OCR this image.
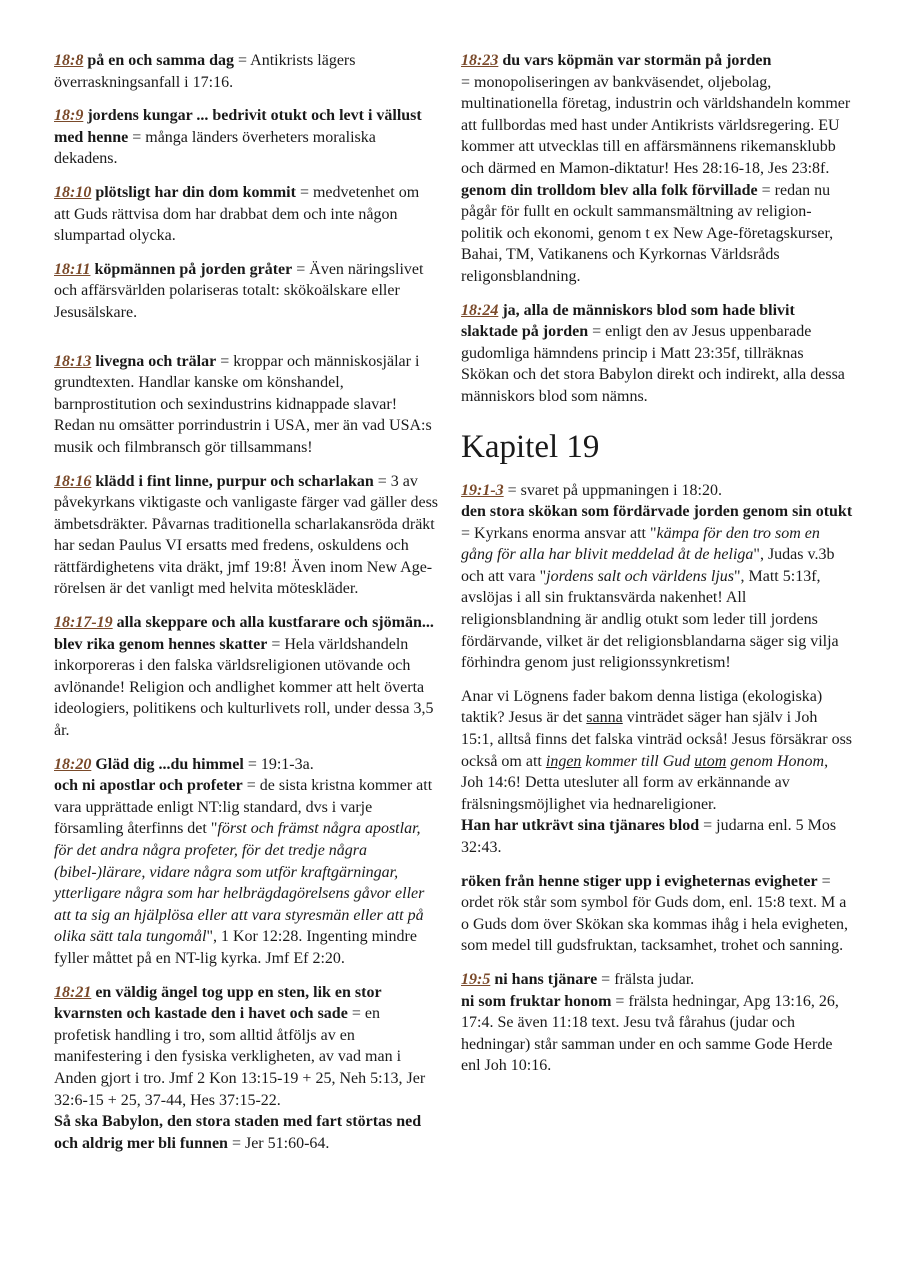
18:8 på en och samma dag = Antikrists lägers överraskningsanfall i 17:16.

18:9 jordens kungar ... bedrivit otukt och levt i vällust med henne = många länders överheters moraliska dekadens.

18:10 plötsligt har din dom kommit = medvetenhet om att Guds rättvisa dom har drabbat dem och inte någon slumpartad olycka.

18:11 köpmännen på jorden gråter = Även näringslivet och affärsvärlden polariseras totalt: skökoälskare eller Jesusälskare.

18:13 livegna och trälar = kroppar och människosjälar i grundtexten. Handlar kanske om könshandel, barnprostitution och sexindustrins kidnappade slavar! Redan nu omsätter porrindustrin i USA, mer än vad USA:s musik och filmbransch gör tillsammans!

18:16 klädd i fint linne, purpur och scharlakan = 3 av påvekyrkans viktigaste och vanligaste färger vad gäller dess ämbetsdräkter. Påvarnas traditionella scharlakansröda dräkt har sedan Paulus VI ersatts med fredens, oskuldens och rättfärdighetens vita dräkt, jmf 19:8! Även inom New Age-rörelsen är det vanligt med helvita möteskläder.

18:17-19 alla skeppare och alla kustfarare och sjömän... blev rika genom hennes skatter = Hela världshandeln inkorporeras i den falska världsreligionen utövande och avlönande! Religion och andlighet kommer att helt överta ideologiers, politikens och kulturlivets roll, under dessa 3,5 år.

18:20 Gläd dig ...du himmel = 19:1-3a.
och ni apostlar och profeter = de sista kristna kommer att vara upprättade enligt NT:lig standard, dvs i varje församling återfinns det "först och främst några apostlar, för det andra några profeter, för det tredje några (bibel-)lärare, vidare några som utför kraftgärningar, ytterligare några som har helbrägdagörelsens gåvor eller att ta sig an hjälplösa eller att vara styresmän eller att på olika sätt tala tungomål", 1 Kor 12:28. Ingenting mindre fyller måttet på en NT-lig kyrka. Jmf Ef 2:20.

18:21 en väldig ängel tog upp en sten, lik en stor kvarnsten och kastade den i havet och sade = en profetisk handling i tro, som alltid åtföljs av en manifestering i den fysiska verkligheten, av vad man i Anden gjort i tro. Jmf 2 Kon 13:15-19 + 25, Neh 5:13, Jer 32:6-15 + 25, 37-44, Hes 37:15-22.
Så ska Babylon, den stora staden med fart störtas ned och aldrig mer bli funnen = Jer 51:60-64.

18:23 du vars köpmän var stormän på jorden
= monopoliseringen av bankväsendet, oljebolag, multinationella företag, industrin och världshandeln kommer att fullbordas med hast under Antikrists världsregering. EU kommer att utvecklas till en affärsmännens rikemansklubb och därmed en Mamon-diktatur! Hes 28:16-18, Jes 23:8f.
genom din trolldom blev alla folk förvillade = redan nu pågår för fullt en ockult sammansmältning av religion-politik och ekonomi, genom t ex New Age-företagskurser, Bahai, TM, Vatikanens och Kyrkornas Världsråds religonsblandning.

18:24 ja, alla de människors blod som hade blivit slaktade på jorden = enligt den av Jesus uppenbarade gudomliga hämndens princip i Matt 23:35f, tillräknas Skökan och det stora Babylon direkt och indirekt, alla dessa människors blod som nämns.

Kapitel 19

19:1-3 = svaret på uppmaningen i 18:20.
den stora skökan som fördärvade jorden genom sin otukt = Kyrkans enorma ansvar att "kämpa för den tro som en gång för alla har blivit meddelad åt de heliga", Judas v.3b och att vara "jordens salt och världens ljus", Matt 5:13f, avslöjas i all sin fruktansvärda nakenhet! All religionsblandning är andlig otukt som leder till jordens fördärvande, vilket är det religionsblandarna säger sig vilja förhindra genom just religionssynkretism!

Anar vi Lögnens fader bakom denna listiga (ekologiska) taktik? Jesus är det sanna vinträdet säger han själv i Joh 15:1, alltså finns det falska vinträd också! Jesus försäkrar oss också om att ingen kommer till Gud utom genom Honom, Joh 14:6! Detta utesluter all form av erkännande av frälsningsmöjlighet via hednareligioner.
Han har utkrävt sina tjänares blod = judarna enl. 5 Mos 32:43.

röken från henne stiger upp i evigheternas evigheter = ordet rök står som symbol för Guds dom, enl. 15:8 text. M a o Guds dom över Skökan ska kommas ihåg i hela evigheten, som medel till gudsfruktan, tacksamhet, trohet och sanning.

19:5 ni hans tjänare = frälsta judar.
ni som fruktar honom = frälsta hedningar, Apg 13:16, 26, 17:4. Se även 11:18 text. Jesu två fårahus (judar och hedningar) står samman under en och samme Gode Herde enl Joh 10:16.
